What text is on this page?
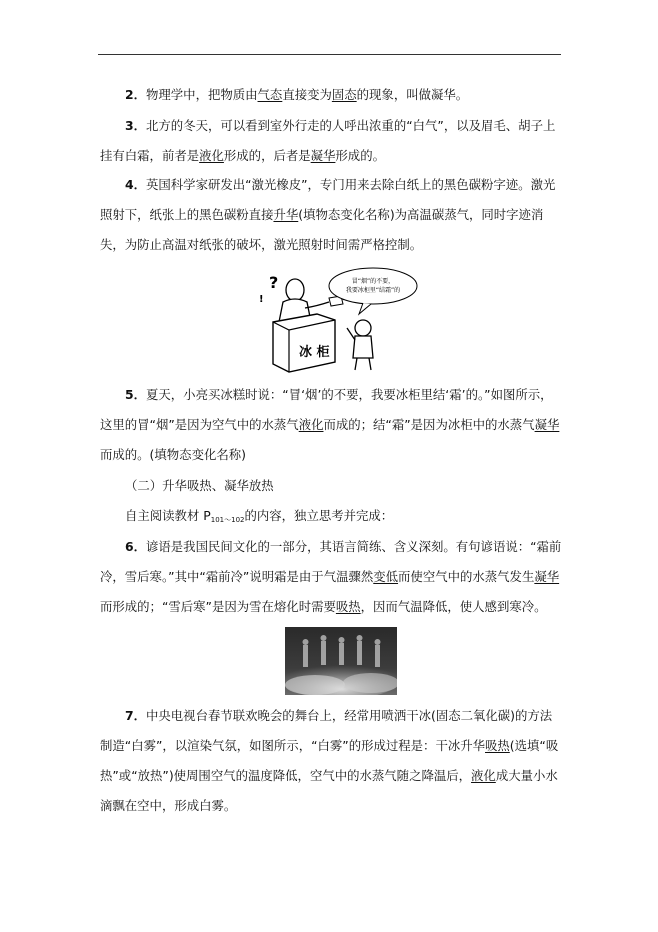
2．物理学中，把物质由气态直接变为固态的现象，叫做凝华。
3．北方的冬天，可以看到室外行走的人呼出浓重的“白气”，以及眉毛、胡子上挂有白霜，前者是液化形成的，后者是凝华形成的。
4．英国科学家研发出“激光橡皮”，专门用来去除白纸上的黑色碳粉字迹。激光照射下，纸张上的黑色碳粉直接升华(填物态变化名称)为高温碳蒸气，同时字迹消失，为防止高温对纸张的破坏，激光照射时间需严格控制。
?
!
冰 柜
冒“烟”的不要，
我要冰柜里“结霜”的
5．夏天，小亮买冰糕时说：“冒‘烟’的不要，我要冰柜里结‘霜’的。”如图所示，这里的冒“烟”是因为空气中的水蒸气液化而成的；结“霜”是因为冰柜中的水蒸气凝华而成的。(填物态变化名称)
（二）升华吸热、凝华放热
自主阅读教材 $P_{101\sim 102}$的内容，独立思考并完成：
6．谚语是我国民间文化的一部分，其语言简练、含义深刻。有句谚语说：“霜前冷，雪后寒。”其中“霜前冷”说明霜是由于气温骤然变低而使空气中的水蒸气发生凝华而形成的；“雪后寒”是因为雪在熔化时需要吸热，因而气温降低，使人感到寒冷。
7．中央电视台春节联欢晚会的舞台上，经常用喷洒干冰(固态二氧化碳)的方法制造“白雾”，以渲染气氛，如图所示，“白雾”的形成过程是：干冰升华吸热(选填“吸热”或“放热”)使周围空气的温度降低，空气中的水蒸气随之降温后，液化成大量小水滴飘在空中，形成白雾。
